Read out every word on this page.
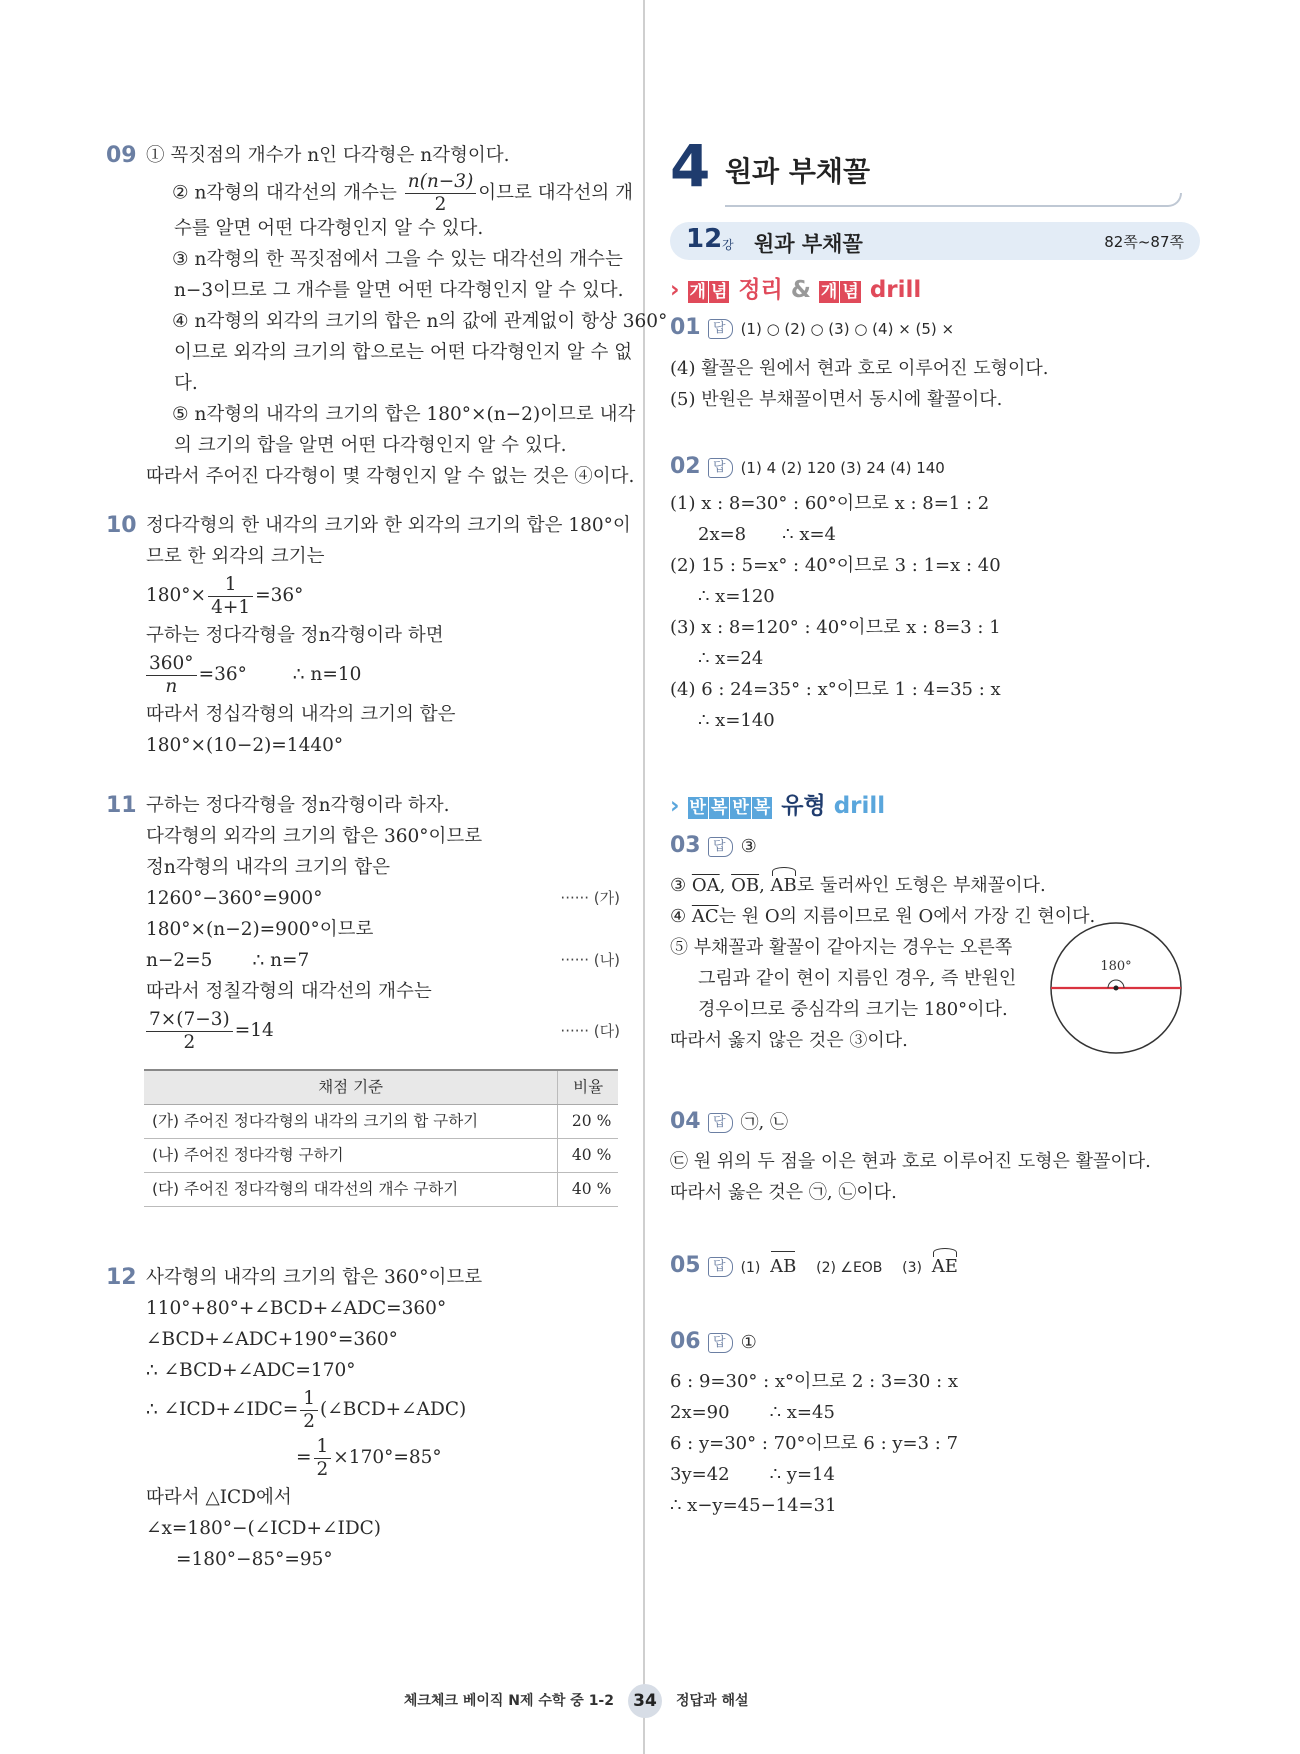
09 ① 꼭짓점의 개수가 n인 다각형은 n각형이다.
② n각형의 대각선의 개수는 $\frac{n(n-3)}{2}$ 이므로 대각선의 개
수를 알면 어떤 다각형인지 알 수 있다.
③ n각형의 한 꼭짓점에서 그을 수 있는 대각선의 개수는
n−3이므로 그 개수를 알면 어떤 다각형인지 알 수 있다.
④ n각형의 외각의 크기의 합은 n의 값에 관계없이 항상 360°
이므로 외각의 크기의 합으로는 어떤 다각형인지 알 수 없
다.
⑤ n각형의 내각의 크기의 합은 180°×(n−2)이므로 내각
의 크기의 합을 알면 어떤 다각형인지 알 수 있다.
따라서 주어진 다각형이 몇 각형인지 알 수 없는 것은 ④이다.
10 정다각형의 한 내각의 크기와 한 외각의 크기의 합은 180°이
므로 한 외각의 크기는
$180^\circ\times \frac{1}{4+1} =36^\circ$
구하는 정다각형을 정n각형이라 하면
$\frac{360^\circ}{n} =36^\circ$ ∴ n=10
따라서 정십각형의 내각의 크기의 합은
180°×(10−2)=1440°
11 구하는 정다각형을 정n각형이라 하자.
다각형의 외각의 크기의 합은 360°이므로
정n각형의 내각의 크기의 합은
1260°−360°=900°	······ (가)
180°×(n−2)=900°이므로
n−2=5 ∴ n=7	······ (나)
따라서 정칠각형의 대각선의 개수는
$\frac{7\times(7-3)}{2} =14$	······ (다)
채점 기준	비율
(가) 주어진 정다각형의 내각의 크기의 합 구하기	20 %
(나) 주어진 정다각형 구하기	40 %
(다) 주어진 정다각형의 대각선의 개수 구하기	40 %
12 사각형의 내각의 크기의 합은 360°이므로
110°+80°+∠BCD+∠ADC=360°
∠BCD+∠ADC+190°=360°
∴ ∠BCD+∠ADC=170°
∴ ∠ICD+∠IDC= $\frac{1}{2}$ (∠BCD+∠ADC)
= $\frac{1}{2} \times 170^\circ=85^\circ$
따라서 △ICD에서
∠x=180°−(∠ICD+∠IDC)
=180°−85°=95°
4 원과 부채꼴
12 강 원과 부채꼴	82쪽~87쪽
› 개 념 정리 & 개 념 drill
01 답 (1) ○ (2) ○ (3) ○ (4) × (5) ×
(4) 활꼴은 원에서 현과 호로 이루어진 도형이다.
(5) 반원은 부채꼴이면서 동시에 활꼴이다.
02 답 (1) 4 (2) 120 (3) 24 (4) 140
(1) x : 8=30° : 60°이므로 x : 8=1 : 2
2x=8 ∴ x=4
(2) 15 : 5=x° : 40°이므로 3 : 1=x : 40
∴ x=120
(3) x : 8=120° : 40°이므로 x : 8=3 : 1
∴ x=24
(4) 6 : 24=35° : x°이므로 1 : 4=35 : x
∴ x=140
› 반 복 반 복 유형 drill
03 답 ③
③ $\overline{OA}$, $\overline{OB}$,
AB로 둘러싸인 도형은 부채꼴이다.
④ $\overline{AC}$는 원 O의 지름이므로 원 O에서 가장 긴 현이다.
⑤ 부채꼴과 활꼴이 같아지는 경우는 오른쪽
그림과 같이 현이 지름인 경우, 즉 반원인
경우이므로 중심각의 크기는 180°이다.
따라서 옳지 않은 것은 ③이다.
180°
04 답 ㉠, ㉡
㉢ 원 위의 두 점을 이은 현과 호로 이루어진 도형은 활꼴이다.
따라서 옳은 것은 ㉠, ㉡이다.
05 답 (1) AB (2) ∠EOB (3) AE
06 답 ①
6 : 9=30° : x°이므로 2 : 3=30 : x
2x=90 ∴ x=45
6 : y=30° : 70°이므로 6 : y=3 : 7
3y=42 ∴ y=14
∴ x−y=45−14=31
체크체크 베이직 N제 수학 중 1-2	34	정답과 해설
